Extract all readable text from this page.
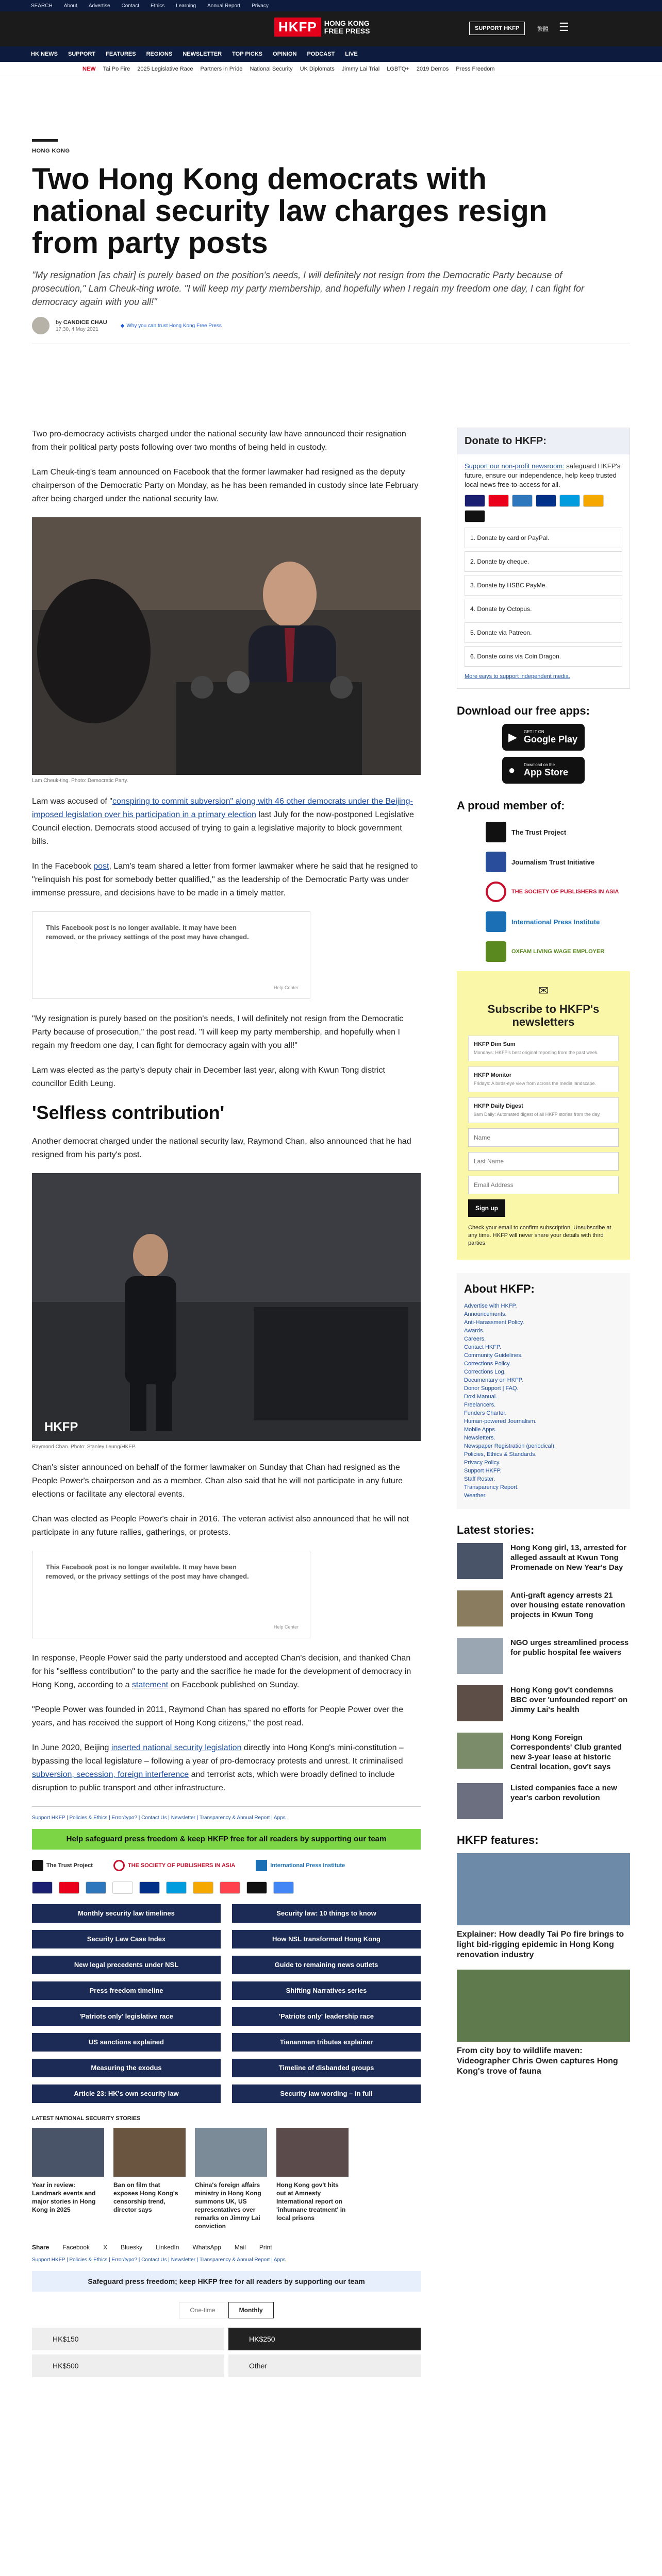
SEARCH About Advertise Contact Ethics Learning Annual Report Privacy
HKFP	HONG KONG
FREE PRESS	SUPPORT HKFP	繁體 ☰
HK NEWS SUPPORT FEATURES REGIONS NEWSLETTER TOP PICKS OPINION PODCAST LIVE
NEW Tai Po Fire 2025 Legislative Race Partners in Pride National Security UK Diplomats Jimmy Lai Trial LGBTQ+ 2019 Demos Press Freedom
HONG KONG
Two Hong Kong democrats with national security law charges resign from party posts
"My resignation [as chair] is purely based on the position's needs, I will definitely not resign from the Democratic Party because of prosecution," Lam Cheuk-ting wrote. "I will keep my party membership, and hopefully when I regain my freedom one day, I can fight for democracy again with you all!"
by CANDICE CHAU
17:30, 4 May 2021
◆ Why you can trust Hong Kong Free Press

Two pro-democracy activists charged under the national security law have announced their resignation from their political party posts following over two months of being held in custody.

Lam Cheuk-ting's team announced on Facebook that the former lawmaker had resigned as the deputy chairperson of the Democratic Party on Monday, as he has been remanded in custody since late February after being charged under the national security law.

Lam Cheuk-ting. Photo: Democratic Party.

Lam was accused of "conspiring to commit subversion" along with 46 other democrats under the Beijing-imposed legislation over his participation in a primary election last July for the now-postponed Legislative Council election. Democrats stood accused of trying to gain a legislative majority to block government bills.

In the Facebook post, Lam's team shared a letter from former lawmaker where he said that he resigned to "relinquish his post for somebody better qualified," as the leadership of the Democratic Party was under immense pressure, and decisions have to be made in a timely matter.

This Facebook post is no longer available. It may have been removed, or the privacy settings of the post may have changed.
Help Center

"My resignation is purely based on the position's needs, I will definitely not resign from the Democratic Party because of prosecution," the post read. "I will keep my party membership, and hopefully when I regain my freedom one day, I can fight for democracy again with you all!"

Lam was elected as the party's deputy chair in December last year, along with Kwun Tong district councillor Edith Leung.

'Selfless contribution'

Another democrat charged under the national security law, Raymond Chan, also announced that he had resigned from his party's post.

HKFP
Raymond Chan. Photo: Stanley Leung/HKFP.

Chan's sister announced on behalf of the former lawmaker on Sunday that Chan had resigned as the People Power's chairperson and as a member. Chan also said that he will not participate in any future elections or facilitate any electoral events.

Chan was elected as People Power's chair in 2016. The veteran activist also announced that he will not participate in any future rallies, gatherings, or protests.

This Facebook post is no longer available. It may have been removed, or the privacy settings of the post may have changed.
Help Center

In response, People Power said the party understood and accepted Chan's decision, and thanked Chan for his "selfless contribution" to the party and the sacrifice he made for the development of democracy in Hong Kong, according to a statement on Facebook published on Sunday.

"People Power was founded in 2011, Raymond Chan has spared no efforts for People Power over the years, and has received the support of Hong Kong citizens," the post read.

In June 2020, Beijing inserted national security legislation directly into Hong Kong's mini-constitution – bypassing the local legislature – following a year of pro-democracy protests and unrest. It criminalised subversion, secession, foreign interference and terrorist acts, which were broadly defined to include disruption to public transport and other infrastructure.

Support HKFP | Policies & Ethics | Error/typo? | Contact Us | Newsletter | Transparency & Annual Report | Apps
Help safeguard press freedom & keep HKFP free for all readers by supporting our team
The Trust Project	THE SOCIETY OF PUBLISHERS IN ASIA	International Press Institute
Monthly security law timelines	Security law: 10 things to know
Security Law Case Index	How NSL transformed Hong Kong
New legal precedents under NSL	Guide to remaining news outlets
Press freedom timeline	Shifting Narratives series
'Patriots only' legislative race	'Patriots only' leadership race
US sanctions explained	Tiananmen tributes explainer
Measuring the exodus	Timeline of disbanded groups
Article 23: HK's own security law	Security law wording – in full
LATEST NATIONAL SECURITY STORIES

Year in review: Landmark events and major stories in Hong Kong in 2025

Ban on film that exposes Hong Kong's censorship trend, director says

China's foreign affairs ministry in Hong Kong summons UK, US representatives over remarks on Jimmy Lai conviction

Hong Kong gov't hits out at Amnesty International report on 'inhumane treatment' in local prisons

Share Facebook X Bluesky LinkedIn WhatsApp Mail Print
Support HKFP | Policies & Ethics | Error/typo? | Contact Us | Newsletter | Transparency & Annual Report | Apps
Safeguard press freedom; keep HKFP free for all readers by supporting our team
One-time	Monthly
HK$150	HK$250
HK$500	Other
Donate to HKFP:
Support our non-profit newsroom: safeguard HKFP's future, ensure our independence, help keep trusted local news free-to-access for all.
1. Donate by card or PayPal.
2. Donate by cheque.
3. Donate by HSBC PayMe.
4. Donate by Octopus.
5. Donate via Patreon.
6. Donate coins via Coin Dragon.
More ways to support independent media.
Download our free apps:
▶ GET IT ON
Google Play
● Download on the
App Store
A proud member of:
The Trust Project
Journalism Trust Initiative
THE SOCIETY OF PUBLISHERS IN ASIA
International Press Institute
OXFAM LIVING WAGE EMPLOYER
✉
Subscribe to HKFP's newsletters
HKFP Dim Sum
Mondays: HKFP's best original reporting from the past week.
HKFP Monitor
Fridays: A birds-eye view from across the media landscape.
HKFP Daily Digest
9am Daily: Automated digest of all HKFP stories from the day.
Name
Last Name
Email Address
Sign up
Check your email to confirm subscription. Unsubscribe at any time. HKFP will never share your details with third parties.
About HKFP:
Advertise with HKFP.
Announcements.
Anti-Harassment Policy.
Awards.
Careers.
Contact HKFP.
Community Guidelines.
Corrections Policy.
Corrections Log.
Documentary on HKFP.
Donor Support | FAQ.
Doxi Manual.
Freelancers.
Funders Charter.
Human-powered Journalism.
Mobile Apps.
Newsletters.
Newspaper Registration (periodical).
Policies, Ethics & Standards.
Privacy Policy.
Support HKFP.
Staff Roster.
Transparency Report.
Weather.
Latest stories:
Hong Kong girl, 13, arrested for alleged assault at Kwun Tong Promenade on New Year's Day
Anti-graft agency arrests 21 over housing estate renovation projects in Kwun Tong
NGO urges streamlined process for public hospital fee waivers
Hong Kong gov't condemns BBC over 'unfounded report' on Jimmy Lai's health
Hong Kong Foreign Correspondents' Club granted new 3-year lease at historic Central location, gov't says
Listed companies face a new year's carbon revolution
HKFP features:
Explainer: How deadly Tai Po fire brings to light bid-rigging epidemic in Hong Kong renovation industry
From city boy to wildlife maven: Videographer Chris Owen captures Hong Kong's trove of fauna
